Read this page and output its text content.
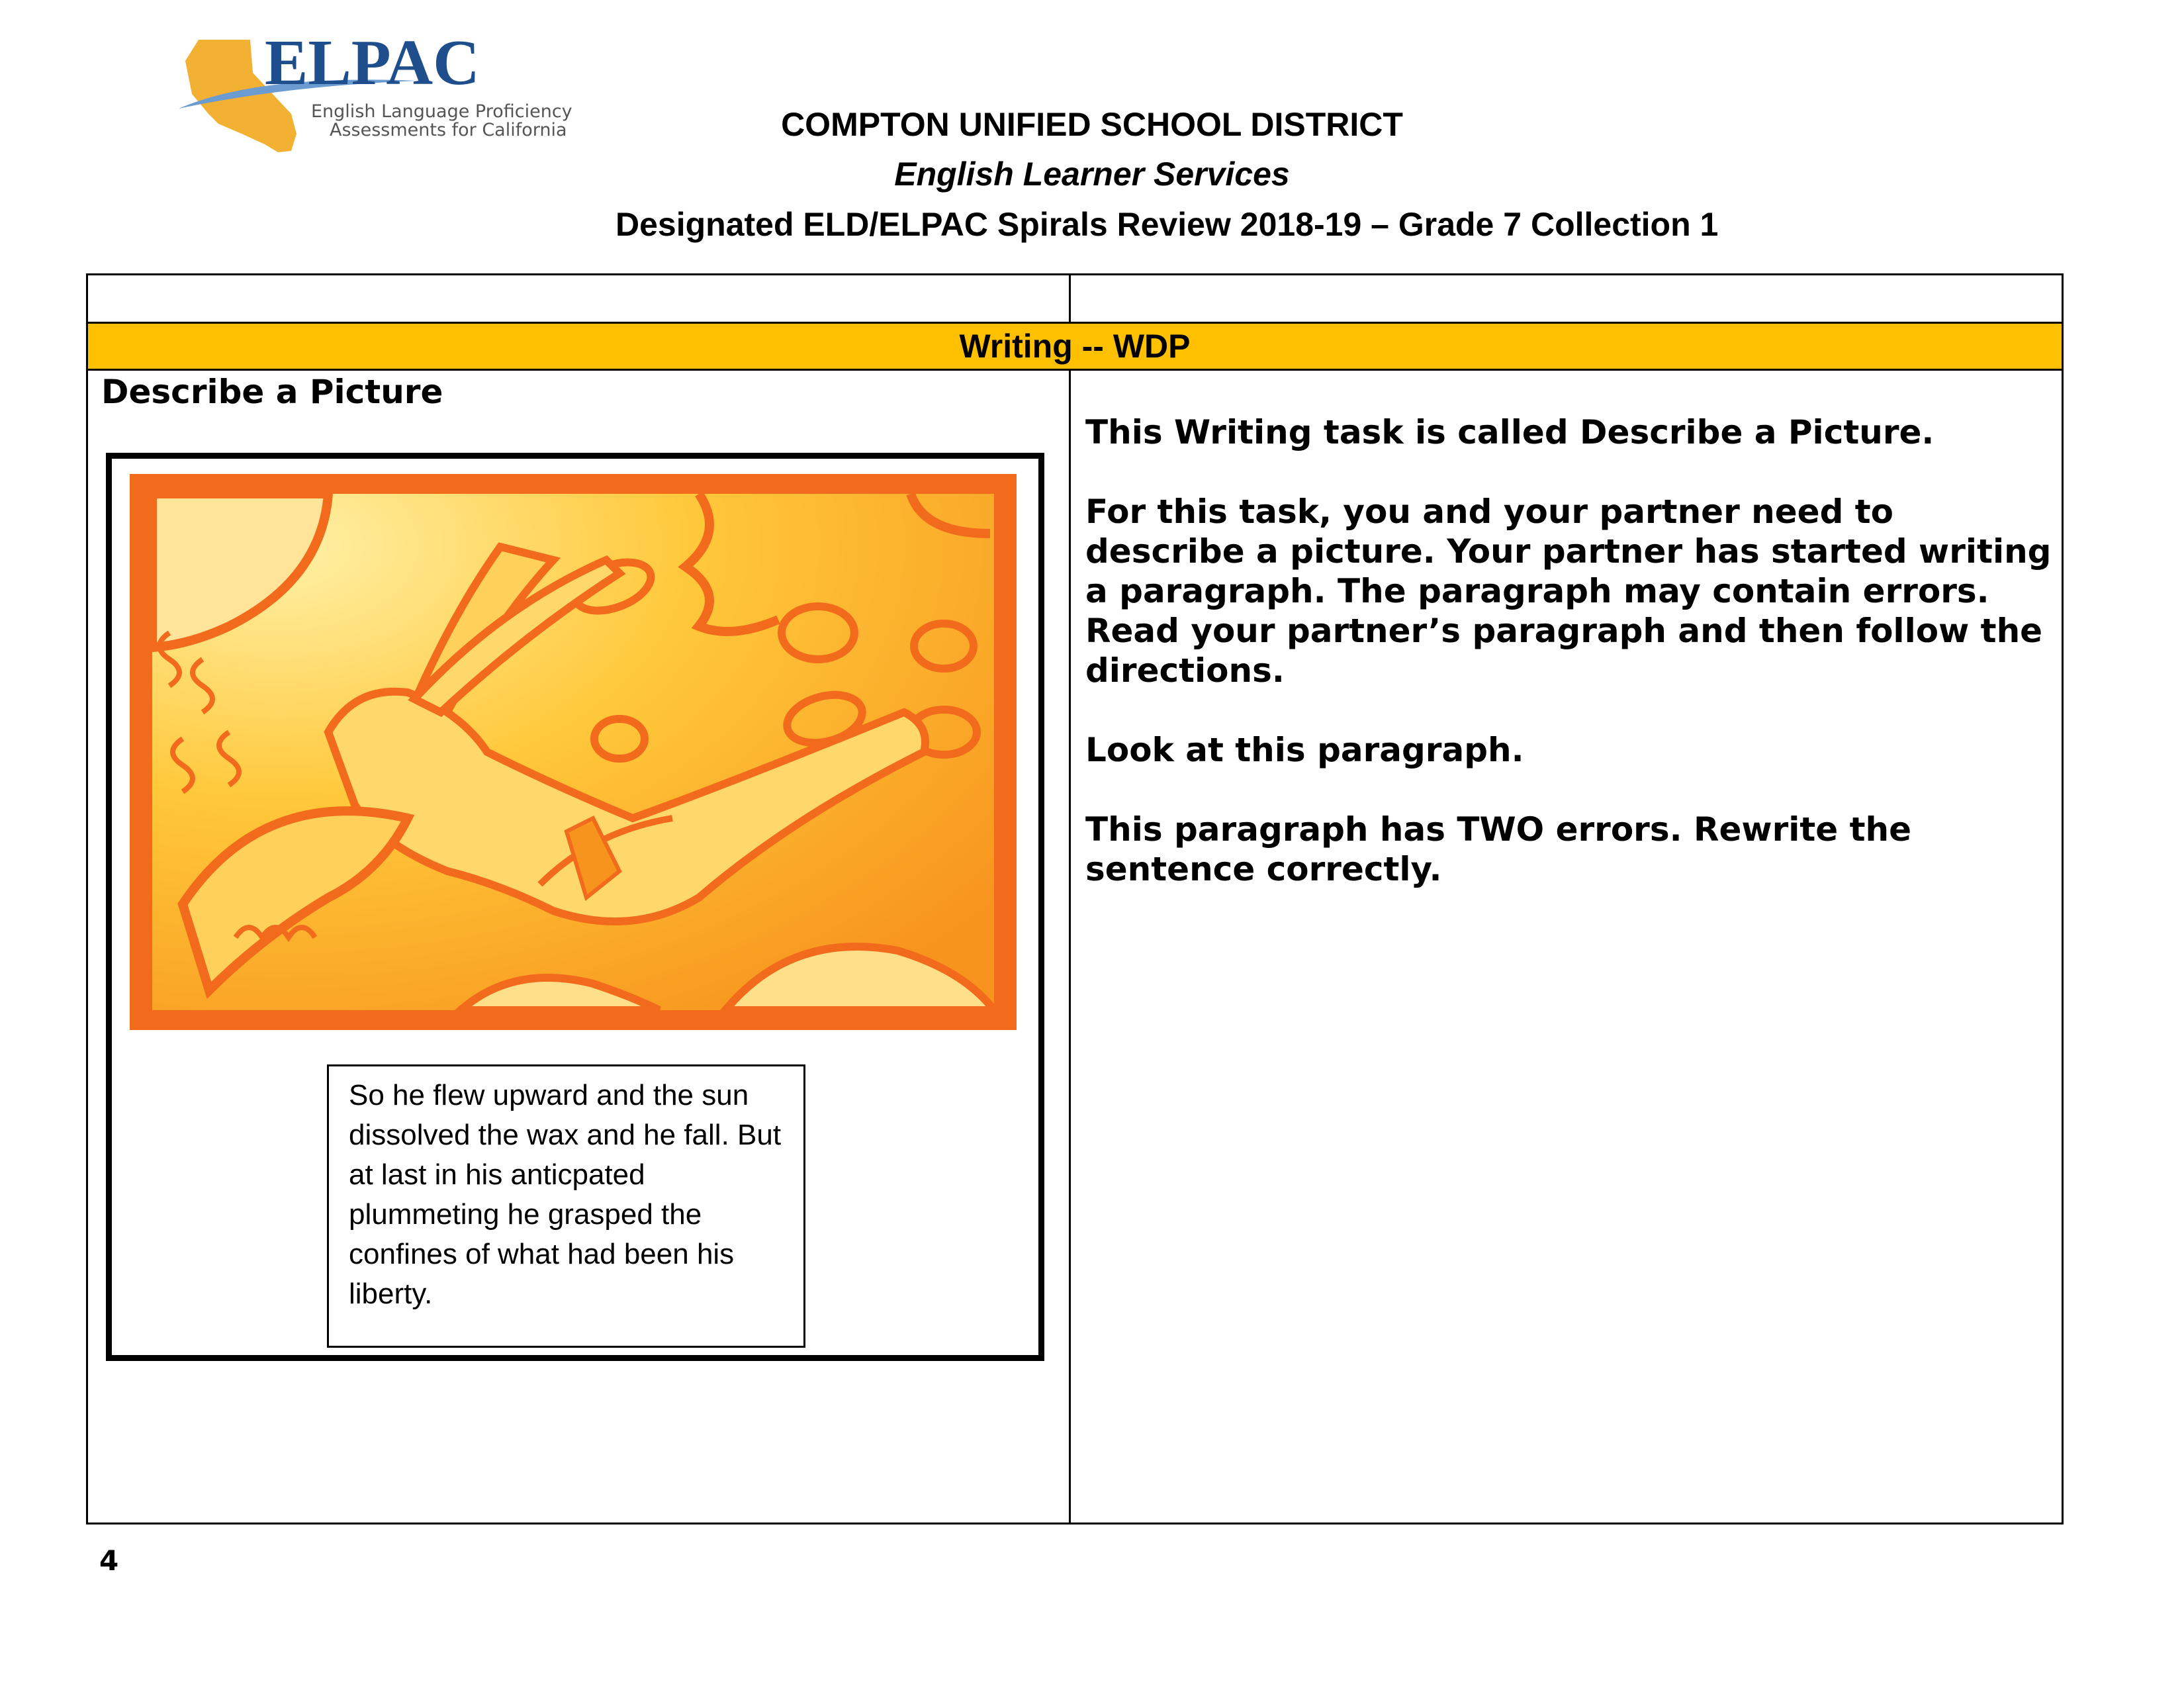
ELPAC
English Language Proficiency
Assessments for California	COMPTON UNIFIED SCHOOL DISTRICT
English Learner Services
Designated ELD/ELPAC Spirals Review 2018-19 – Grade 7 Collection 1
Writing -- WDP
Describe a Picture
So he flew upward and the sun dissolved the wax and he fall. But at last in his anticpated plummeting he grasped the confines of what had been his liberty.

This Writing task is called Describe a Picture.

For this task, you and your partner need to describe a picture. Your partner has started writing a paragraph. The paragraph may contain errors. Read your partner’s paragraph and then follow the directions.

Look at this paragraph.

This paragraph has TWO errors. Rewrite the sentence correctly.

4
